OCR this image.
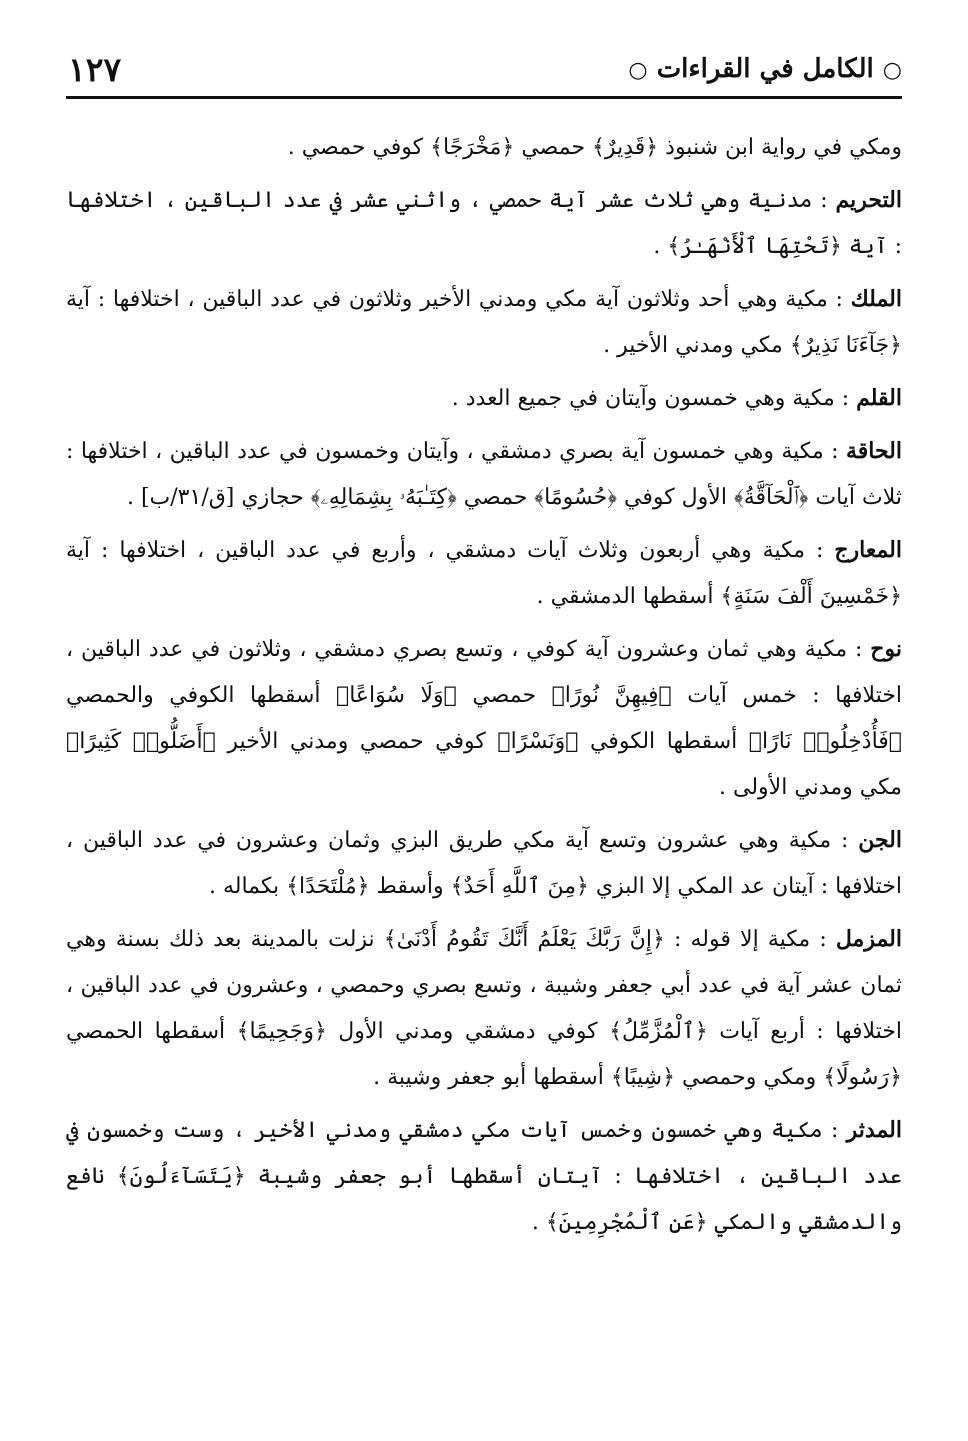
١٢٧	○ الكامل في القراءات ○

ومكي في رواية ابن شنبوذ ﴿قَدِيرٌ﴾ حمصي ﴿مَخْرَجًا﴾ كوفي حمصي .

التحريم : مدنية وهي ثلاث عشر آية حمصي ، واثني عشر في عدد الباقين ، اختلافها : آية ﴿تَحْتِهَا ٱلْأَنْهَـٰرُ﴾ .

الملك : مكية وهي أحد وثلاثون آية مكي ومدني الأخير وثلاثون في عدد الباقين ، اختلافها : آية ﴿جَآءَنَا نَذِيرٌ﴾ مكي ومدني الأخير .

القلم : مكية وهي خمسون وآيتان في جميع العدد .

الحاقة : مكية وهي خمسون آية بصري دمشقي ، وآيتان وخمسون في عدد الباقين ، اختلافها : ثلاث آيات ﴿ٱلْحَآقَّةُ﴾ الأول كوفي ﴿حُسُومًا﴾ حمصي ﴿كِتَـٰبَهُۥ بِشِمَالِهِۦ﴾ حجازي [ق/٣١/ب] .

المعارج : مكية وهي أربعون وثلاث آيات دمشقي ، وأربع في عدد الباقين ، اختلافها : آية ﴿خَمْسِينَ أَلْفَ سَنَةٍ﴾ أسقطها الدمشقي .

نوح : مكية وهي ثمان وعشرون آية كوفي ، وتسع بصري دمشقي ، وثلاثون في عدد الباقين ، اختلافها : خمس آيات ﴿فِيهِنَّ نُورًا﴾ حمصي ﴿وَلَا سُوَاعًا﴾ أسقطها الكوفي والحمصي ﴿فَأُدْخِلُوا۟ نَارًا﴾ أسقطها الكوفي ﴿وَنَسْرًا﴾ كوفي حمصي ومدني الأخير ﴿أَضَلُّوا۟ كَثِيرًا﴾ مكي ومدني الأولى .

الجن : مكية وهي عشرون وتسع آية مكي طريق البزي وثمان وعشرون في عدد الباقين ، اختلافها : آيتان عد المكي إلا البزي ﴿مِنَ ٱللَّهِ أَحَدٌ﴾ وأسقط ﴿مُلْتَحَدًا﴾ بكماله .

المزمل : مكية إلا قوله : ﴿إِنَّ رَبَّكَ يَعْلَمُ أَنَّكَ تَقُومُ أَدْنَىٰ﴾ نزلت بالمدينة بعد ذلك بسنة وهي ثمان عشر آية في عدد أبي جعفر وشيبة ، وتسع بصري وحمصي ، وعشرون في عدد الباقين ، اختلافها : أربع آيات ﴿ٱلْمُزَّمِّلُ﴾ كوفي دمشقي ومدني الأول ﴿وَجَحِيمًا﴾ أسقطها الحمصي ﴿رَسُولًا﴾ ومكي وحمصي ﴿شِيبًا﴾ أسقطها أبو جعفر وشيبة .

المدثر : مكية وهي خمسون وخمس آيات مكي دمشقي ومدني الأخير ، وست وخمسون في عدد الباقين ، اختلافها : آيتان أسقطها أبو جعفر وشيبة ﴿يَتَسَآءَلُونَ﴾ نافع والدمشقي والمكي ﴿عَنِ ٱلْمُجْرِمِينَ﴾ .
